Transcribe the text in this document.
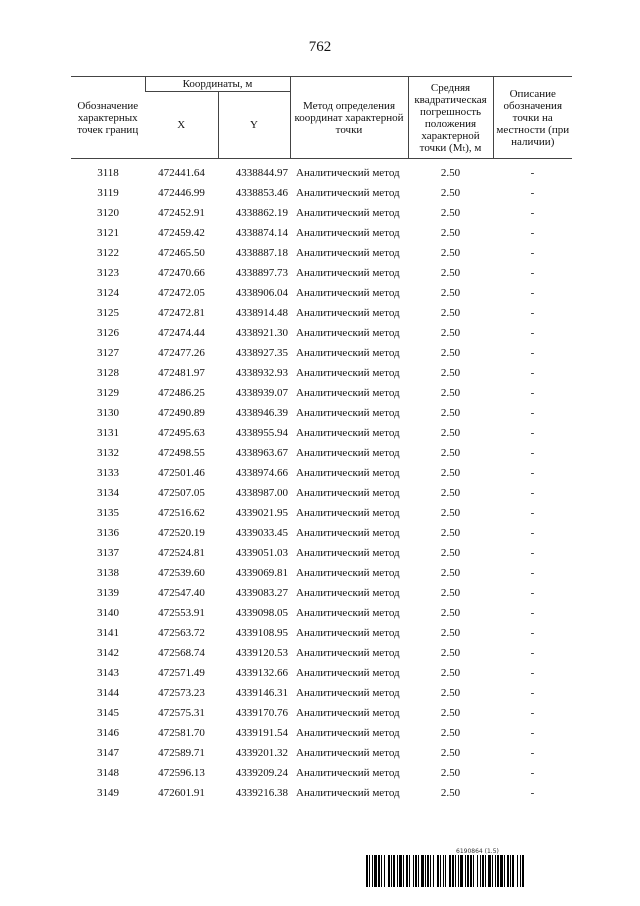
762
Обозначение характерных точек границ	Координаты, м		Метод определения координат характерной точки	Средняя квадратическая погрешность положения характерной точки (Mₜ), м	Описание обозначения точки на местности (при наличии)
	X	Y			

3118	472441.64	4338844.97	Аналитический метод	2.50	-
3119	472446.99	4338853.46	Аналитический метод	2.50	-
3120	472452.91	4338862.19	Аналитический метод	2.50	-
3121	472459.42	4338874.14	Аналитический метод	2.50	-
3122	472465.50	4338887.18	Аналитический метод	2.50	-
3123	472470.66	4338897.73	Аналитический метод	2.50	-
3124	472472.05	4338906.04	Аналитический метод	2.50	-
3125	472472.81	4338914.48	Аналитический метод	2.50	-
3126	472474.44	4338921.30	Аналитический метод	2.50	-
3127	472477.26	4338927.35	Аналитический метод	2.50	-
3128	472481.97	4338932.93	Аналитический метод	2.50	-
3129	472486.25	4338939.07	Аналитический метод	2.50	-
3130	472490.89	4338946.39	Аналитический метод	2.50	-
3131	472495.63	4338955.94	Аналитический метод	2.50	-
3132	472498.55	4338963.67	Аналитический метод	2.50	-
3133	472501.46	4338974.66	Аналитический метод	2.50	-
3134	472507.05	4338987.00	Аналитический метод	2.50	-
3135	472516.62	4339021.95	Аналитический метод	2.50	-
3136	472520.19	4339033.45	Аналитический метод	2.50	-
3137	472524.81	4339051.03	Аналитический метод	2.50	-
3138	472539.60	4339069.81	Аналитический метод	2.50	-
3139	472547.40	4339083.27	Аналитический метод	2.50	-
3140	472553.91	4339098.05	Аналитический метод	2.50	-
3141	472563.72	4339108.95	Аналитический метод	2.50	-
3142	472568.74	4339120.53	Аналитический метод	2.50	-
3143	472571.49	4339132.66	Аналитический метод	2.50	-
3144	472573.23	4339146.31	Аналитический метод	2.50	-
3145	472575.31	4339170.76	Аналитический метод	2.50	-
3146	472581.70	4339191.54	Аналитический метод	2.50	-
3147	472589.71	4339201.32	Аналитический метод	2.50	-
3148	472596.13	4339209.24	Аналитический метод	2.50	-
3149	472601.91	4339216.38	Аналитический метод	2.50	-
6190864 (1.5)
